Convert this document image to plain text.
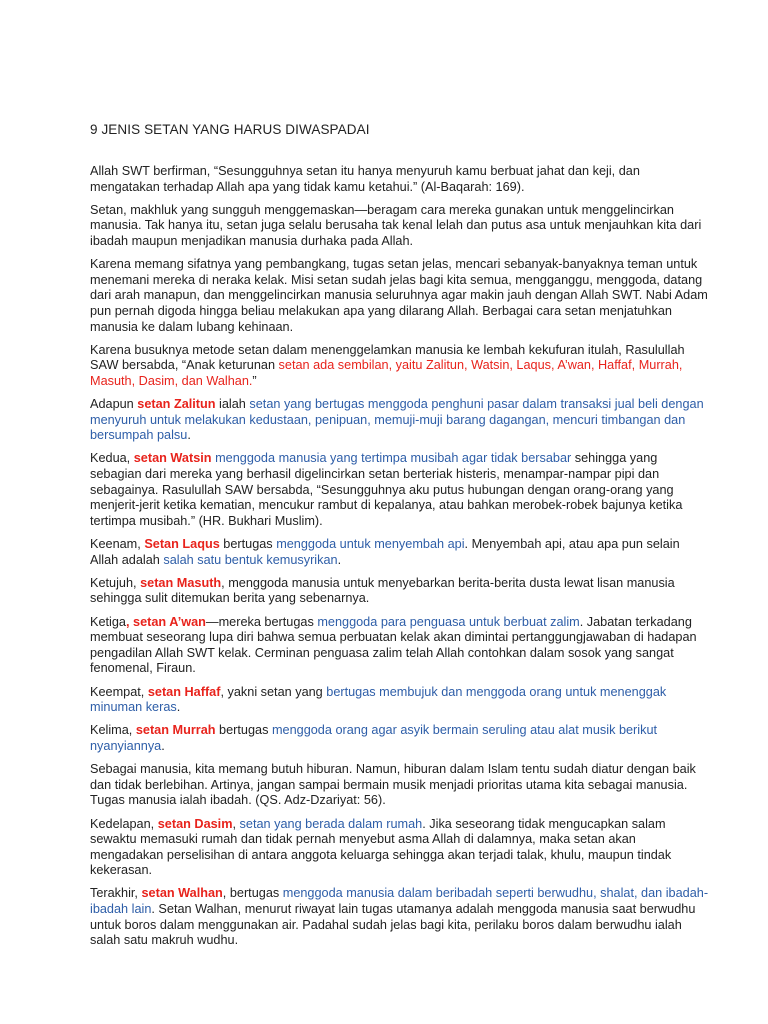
9 JENIS SETAN YANG HARUS DIWASPADAI

Allah SWT berfirman, “Sesungguhnya setan itu hanya menyuruh kamu berbuat jahat dan keji, dan mengatakan terhadap Allah apa yang tidak kamu ketahui.” (Al-Baqarah: 169).

Setan, makhluk yang sungguh menggemaskan—beragam cara mereka gunakan untuk menggelincirkan manusia. Tak hanya itu, setan juga selalu berusaha tak kenal lelah dan putus asa untuk menjauhkan kita dari ibadah maupun menjadikan manusia durhaka pada Allah.

Karena memang sifatnya yang pembangkang, tugas setan jelas, mencari sebanyak-banyaknya teman untuk menemani mereka di neraka kelak. Misi setan sudah jelas bagi kita semua, mengganggu, menggoda, datang dari arah manapun, dan menggelincirkan manusia seluruhnya agar makin jauh dengan Allah SWT. Nabi Adam pun pernah digoda hingga beliau melakukan apa yang dilarang Allah. Berbagai cara setan menjatuhkan manusia ke dalam lubang kehinaan.

Karena busuknya metode setan dalam menenggelamkan manusia ke lembah kekufuran itulah, Rasulullah SAW bersabda, “Anak keturunan setan ada sembilan, yaitu Zalitun, Watsin, Laqus, A’wan, Haffaf, Murrah, Masuth, Dasim, dan Walhan.”

Adapun setan Zalitun ialah setan yang bertugas menggoda penghuni pasar dalam transaksi jual beli dengan menyuruh untuk melakukan kedustaan, penipuan, memuji-muji barang dagangan, mencuri timbangan dan bersumpah palsu.

Kedua, setan Watsin menggoda manusia yang tertimpa musibah agar tidak bersabar sehingga yang sebagian dari mereka yang berhasil digelincirkan setan berteriak histeris, menampar-nampar pipi dan sebagainya. Rasulullah SAW bersabda, “Sesungguhnya aku putus hubungan dengan orang-orang yang menjerit-jerit ketika kematian, mencukur rambut di kepalanya, atau bahkan merobek-robek bajunya ketika tertimpa musibah.” (HR. Bukhari Muslim).

Keenam, Setan Laqus bertugas menggoda untuk menyembah api. Menyembah api, atau apa pun selain Allah adalah salah satu bentuk kemusyrikan.

Ketujuh, setan Masuth, menggoda manusia untuk menyebarkan berita-berita dusta lewat lisan manusia sehingga sulit ditemukan berita yang sebenarnya.

Ketiga, setan A’wan—mereka bertugas menggoda para penguasa untuk berbuat zalim. Jabatan terkadang membuat seseorang lupa diri bahwa semua perbuatan kelak akan dimintai pertanggungjawaban di hadapan pengadilan Allah SWT kelak. Cerminan penguasa zalim telah Allah contohkan dalam sosok yang sangat fenomenal, Firaun.

Keempat, setan Haffaf, yakni setan yang bertugas membujuk dan menggoda orang untuk menenggak minuman keras.

Kelima, setan Murrah bertugas menggoda orang agar asyik bermain seruling atau alat musik berikut nyanyiannya.

Sebagai manusia, kita memang butuh hiburan. Namun, hiburan dalam Islam tentu sudah diatur dengan baik dan tidak berlebihan. Artinya, jangan sampai bermain musik menjadi prioritas utama kita sebagai manusia. Tugas manusia ialah ibadah. (QS. Adz-Dzariyat: 56).

Kedelapan, setan Dasim, setan yang berada dalam rumah. Jika seseorang tidak mengucapkan salam sewaktu memasuki rumah dan tidak pernah menyebut asma Allah di dalamnya, maka setan akan mengadakan perselisihan di antara anggota keluarga sehingga akan terjadi talak, khulu, maupun tindak kekerasan.

Terakhir, setan Walhan, bertugas menggoda manusia dalam beribadah seperti berwudhu, shalat, dan ibadah-ibadah lain. Setan Walhan, menurut riwayat lain tugas utamanya adalah menggoda manusia saat berwudhu untuk boros dalam menggunakan air. Padahal sudah jelas bagi kita, perilaku boros dalam berwudhu ialah salah satu makruh wudhu.
